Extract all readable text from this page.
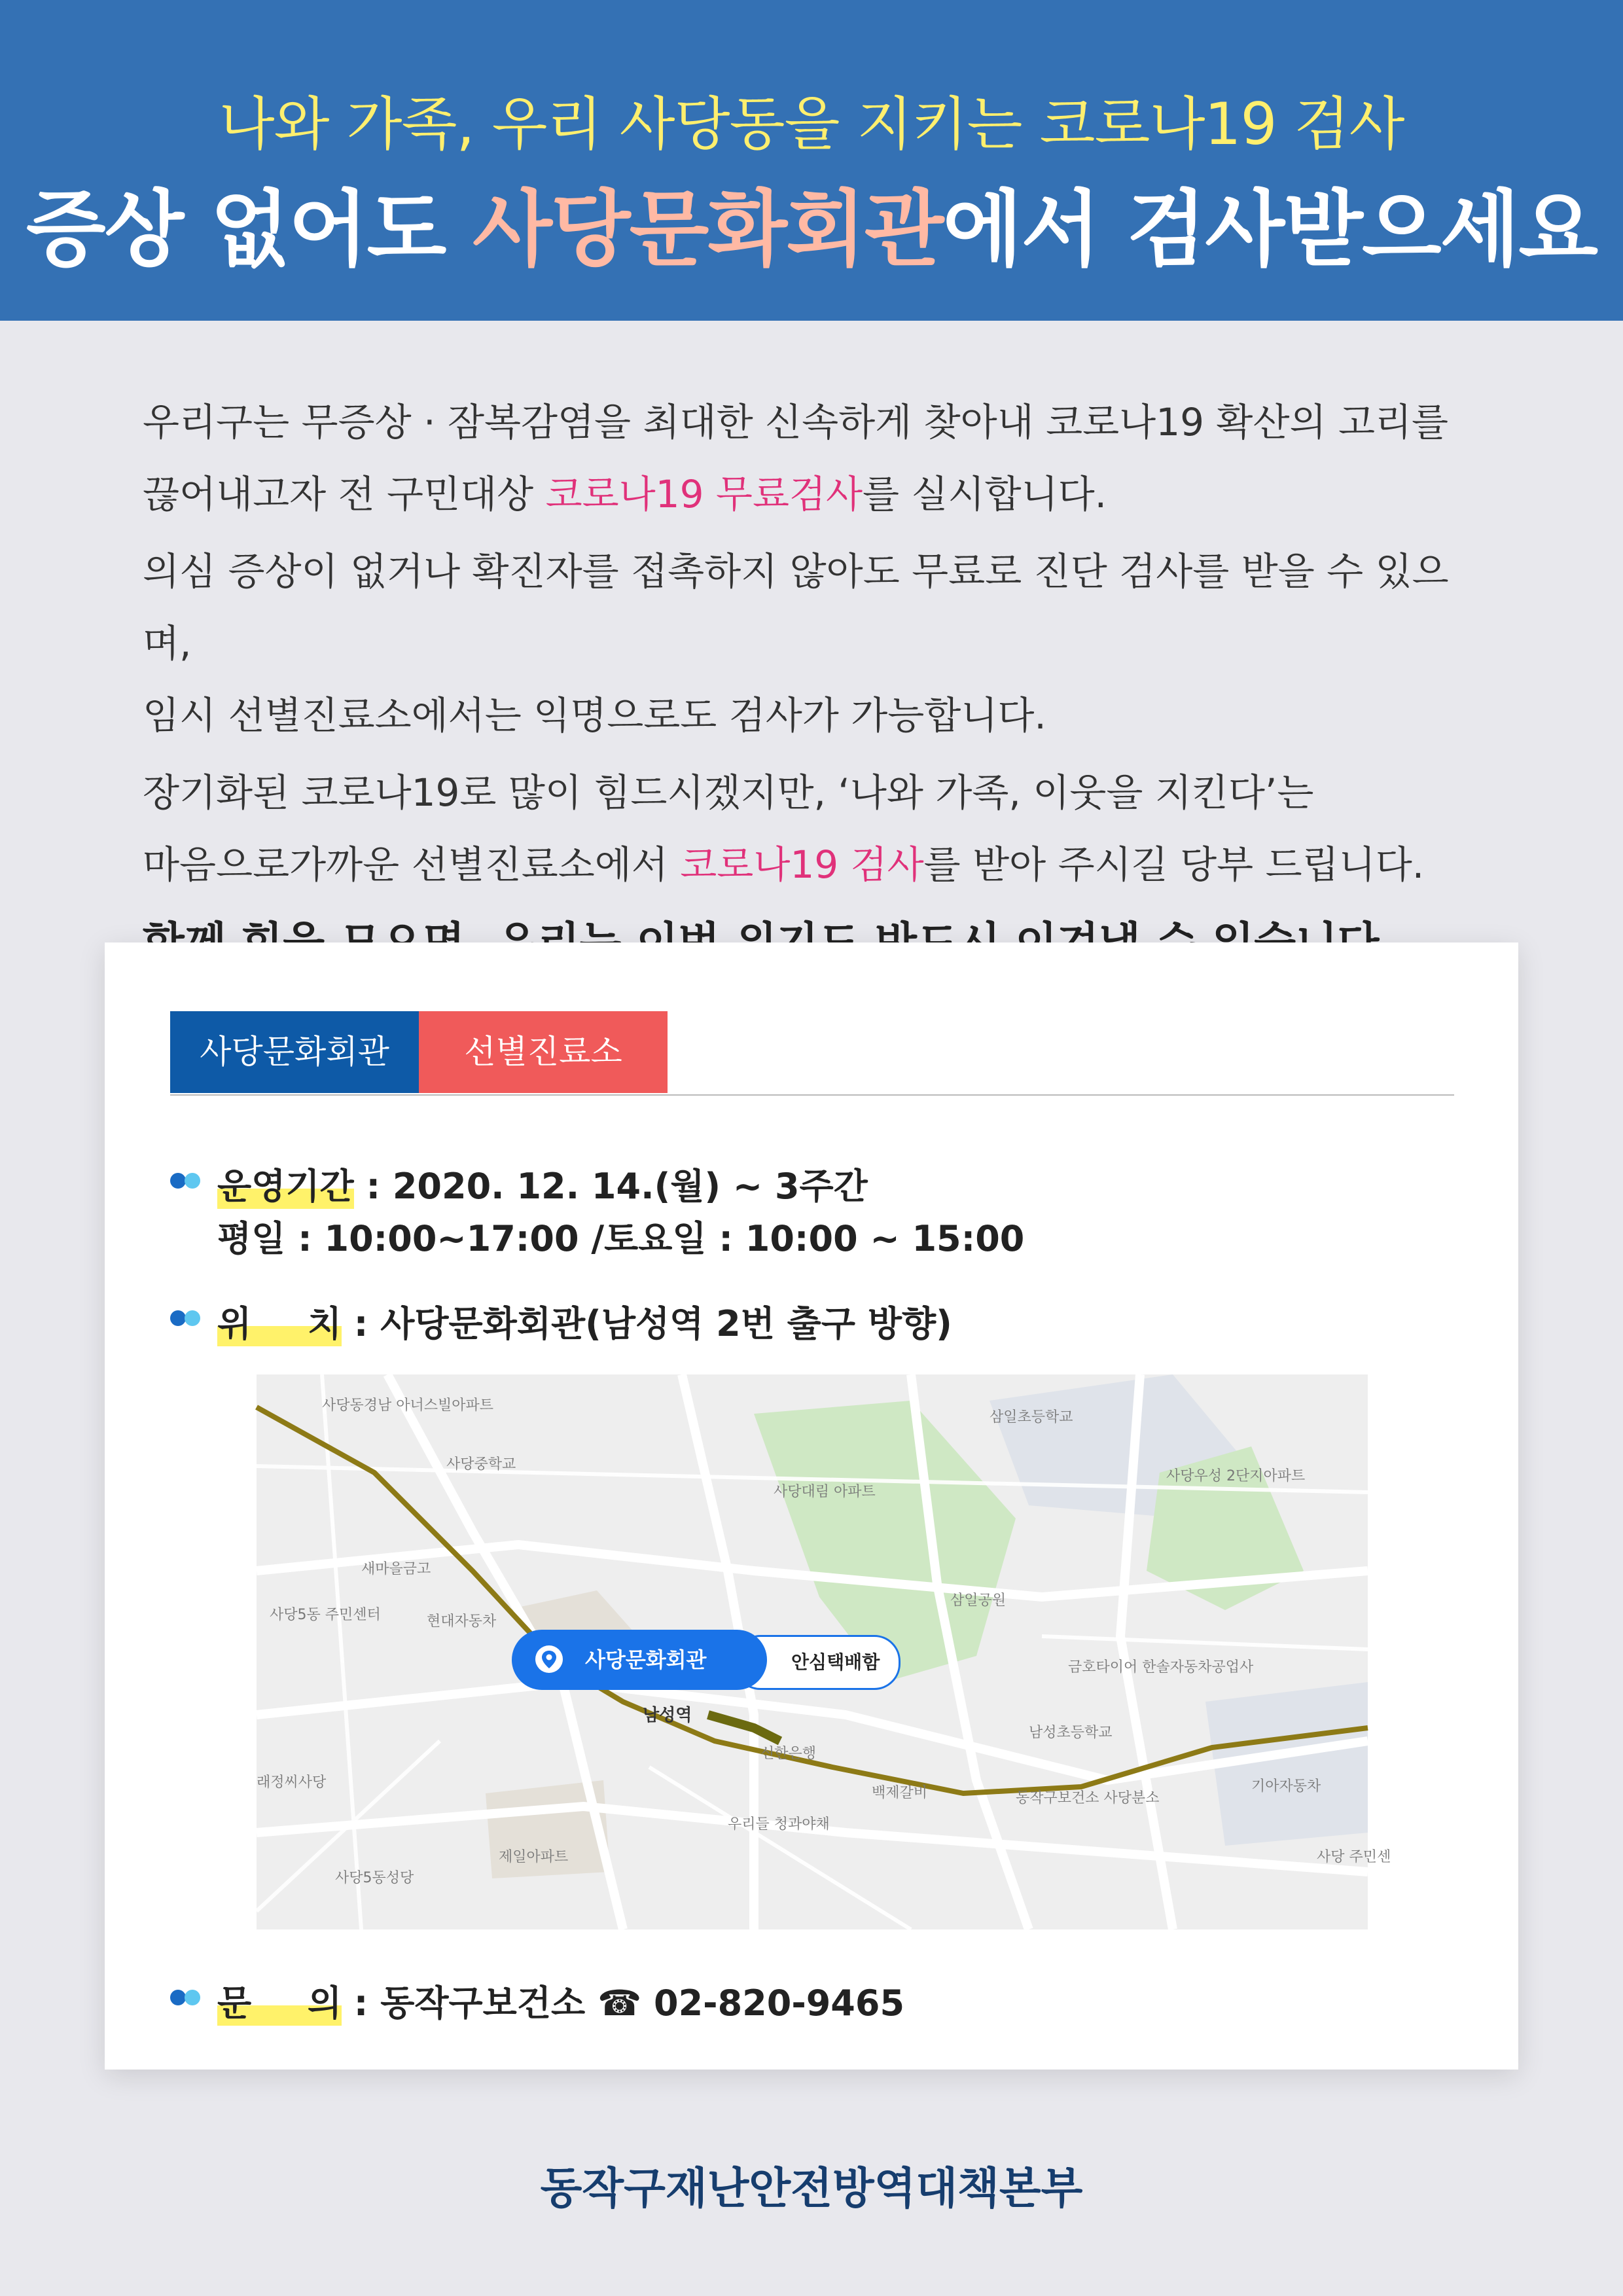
나와 가족, 우리 사당동을 지키는 코로나19 검사
증상 없어도 사당문화회관에서 검사받으세요

우리구는 무증상 · 잠복감염을 최대한 신속하게 찾아내 코로나19 확산의 고리를
끊어내고자 전 구민대상 코로나19 무료검사를 실시합니다.

의심 증상이 없거나 확진자를 접촉하지 않아도 무료로 진단 검사를 받을 수 있으며,
임시 선별진료소에서는 익명으로도 검사가 가능합니다.

장기화된 코로나19로 많이 힘드시겠지만, ‘나와 가족, 이웃을 지킨다’는
마음으로가까운 선별진료소에서 코로나19 검사를 받아 주시길 당부 드립니다.

사당문화회관	선별진료소
운영기간 : 2020. 12. 14.(월) ~ 3주간
평일 : 10:00~17:00 /토요일 : 10:00 ~ 15:00
위 치 : 사당문화회관(남성역 2번 출구 방향)
사당동경남 아너스빌아파트
사당중학교
삼일초등학교
사당대림 아파트
사당우성 2단지아파트
새마을금고
사당5동 주민센터	현대자동차
삼일공원
금호타이어 한솔자동차공업사
남성초등학교
신한은행
래정씨사당
백제갈비	동작구보건소 사당분소
기아자동차
우리들 청과야채
제일아파트
사당5동성당
사당 주민센
남성역
안심택배함
사당문화회관
문 의 : 동작구보건소 ☎ 02-820-9465
동작구재난안전방역대책본부
